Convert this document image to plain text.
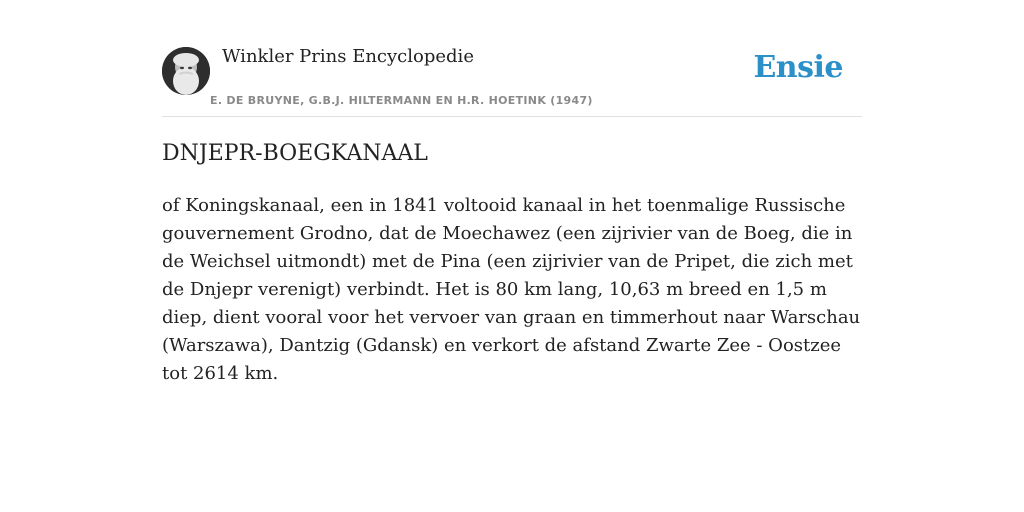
Winkler Prins Encyclopedie
E. DE BRUYNE, G.B.J. HILTERMANN EN H.R. HOETINK (1947)
Ensie
DNJEPR-BOEGKANAAL

of Koningskanaal, een in 1841 voltooid kanaal in het toenmalige Russische gouvernement Grodno, dat de Moechawez (een zijrivier van de Boeg, die in de Weichsel uitmondt) met de Pina (een zijrivier van de Pripet, die zich met de Dnjepr verenigt) verbindt. Het is 80 km lang, 10,63 m breed en 1,5 m diep, dient vooral voor het vervoer van graan en timmerhout naar Warschau (Warszawa), Dantzig (Gdansk) en verkort de afstand Zwarte Zee - Oostzee tot 2614 km.
